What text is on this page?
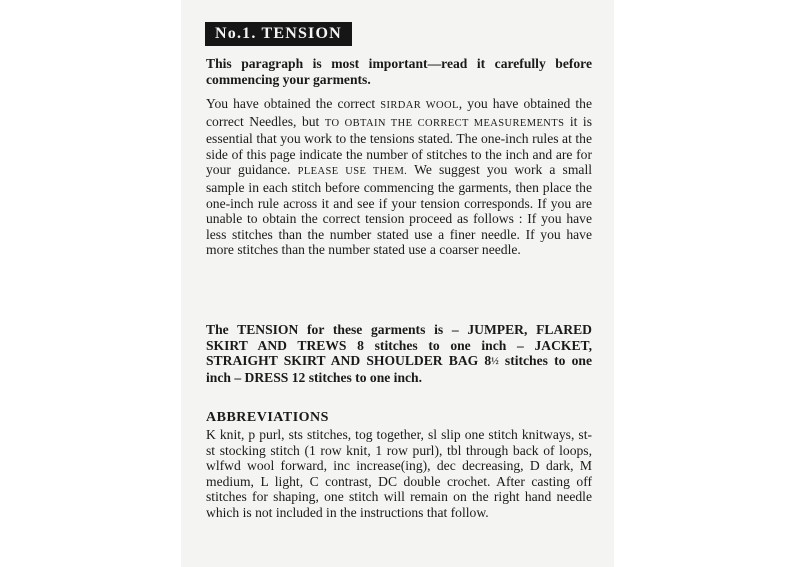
No.1. TENSION
This paragraph is most important—read it carefully before commencing your garments.
You have obtained the correct SIRDAR WOOL, you have obtained the correct Needles, but TO OBTAIN THE CORRECT MEASUREMENTS it is essential that you work to the tensions stated. The one-inch rules at the side of this page indicate the number of stitches to the inch and are for your guidance. PLEASE USE THEM. We suggest you work a small sample in each stitch before commencing the garments, then place the one-inch rule across it and see if your tension corresponds. If you are unable to obtain the correct tension proceed as follows : If you have less stitches than the number stated use a finer needle. If you have more stitches than the number stated use a coarser needle.
The TENSION for these garments is – JUMPER, FLARED SKIRT AND TREWS 8 stitches to one inch – JACKET, STRAIGHT SKIRT AND SHOULDER BAG 8½ stitches to one inch – DRESS 12 stitches to one inch.
ABBREVIATIONS
K knit, p purl, sts stitches, tog together, sl slip one stitch knitways, st-st stocking stitch (1 row knit, 1 row purl), tbl through back of loops, wlfwd wool forward, inc increase(ing), dec decreasing, D dark, M medium, L light, C contrast, DC double crochet. After casting off stitches for shaping, one stitch will remain on the right hand needle which is not included in the instructions that follow.
